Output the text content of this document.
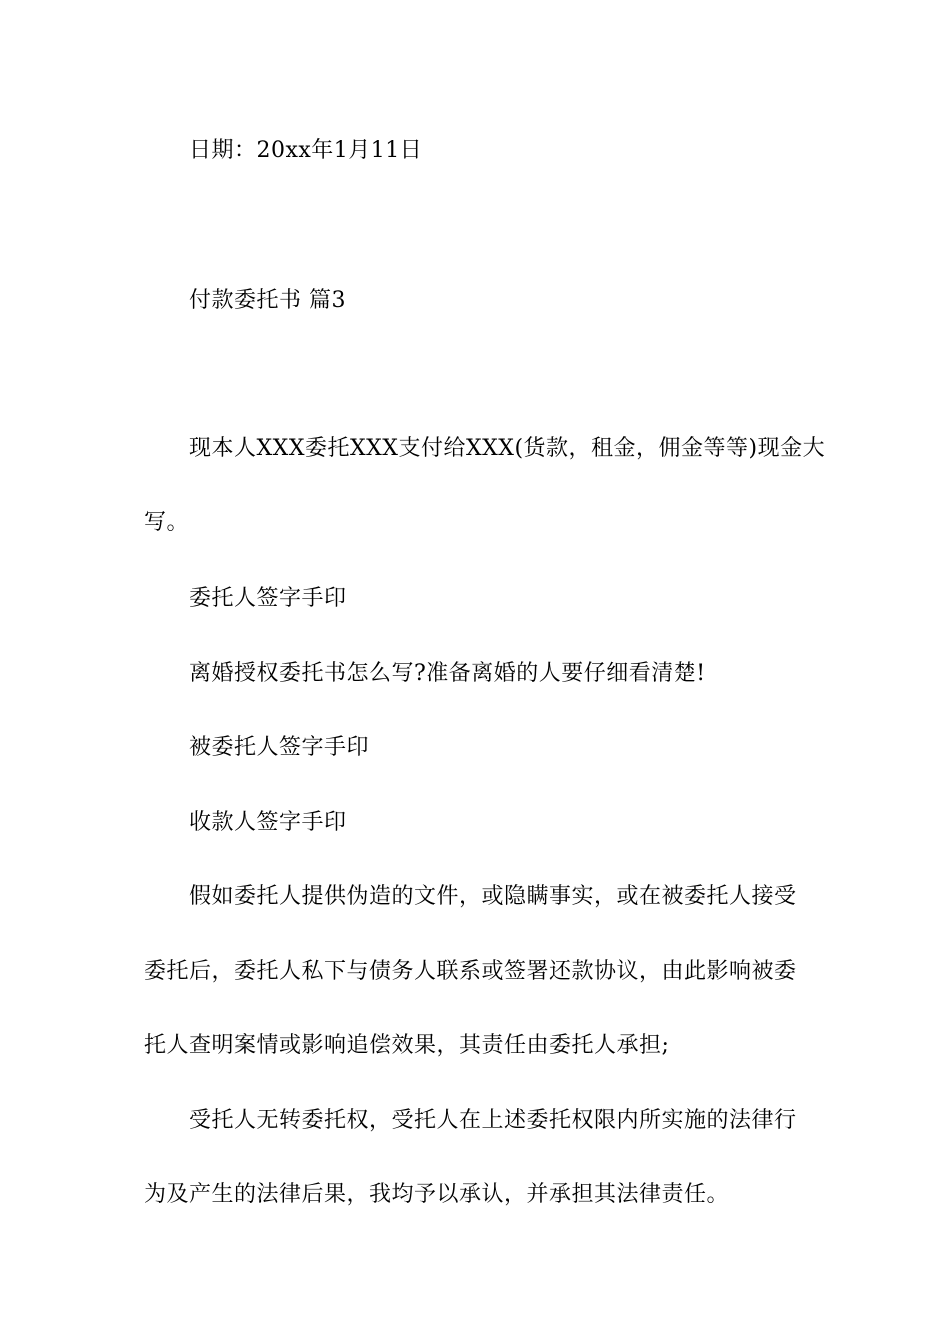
日期：20xx年1月11日
付款委托书 篇3
现本人XXX委托XXX支付给XXX(货款，租金，佣金等等)现金大
写。
委托人签字手印
离婚授权委托书怎么写?准备离婚的人要仔细看清楚!
被委托人签字手印
收款人签字手印
假如委托人提供伪造的文件，或隐瞒事实，或在被委托人接受
委托后，委托人私下与债务人联系或签署还款协议，由此影响被委
托人查明案情或影响追偿效果，其责任由委托人承担;
受托人无转委托权，受托人在上述委托权限内所实施的法律行
为及产生的法律后果，我均予以承认，并承担其法律责任。
